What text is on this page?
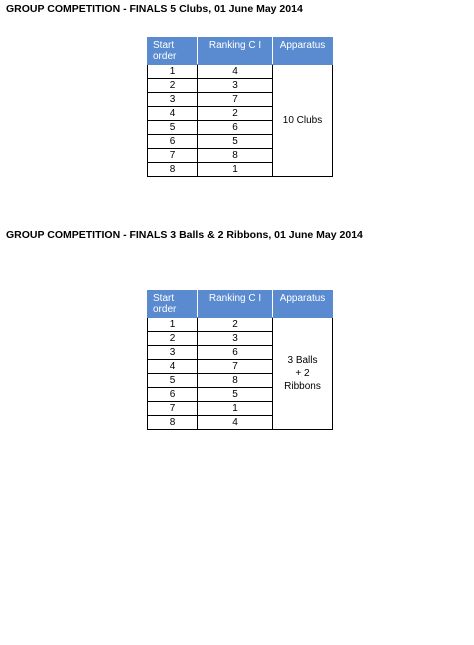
GROUP COMPETITION - FINALS 5 Clubs, 01 June May 2014
Start order	Ranking C I	Apparatus
1	4	10 Clubs

2	3	
3	7	
4	2	
5	6	
6	5	
7	8	
8	1	
GROUP COMPETITION - FINALS 3 Balls & 2 Ribbons, 01 June May 2014
Start order	Ranking C I	Apparatus
1	2	3 Balls
+ 2
Ribbons

2	3	
3	6	
4	7	
5	8	
6	5	
7	1	
8	4	
